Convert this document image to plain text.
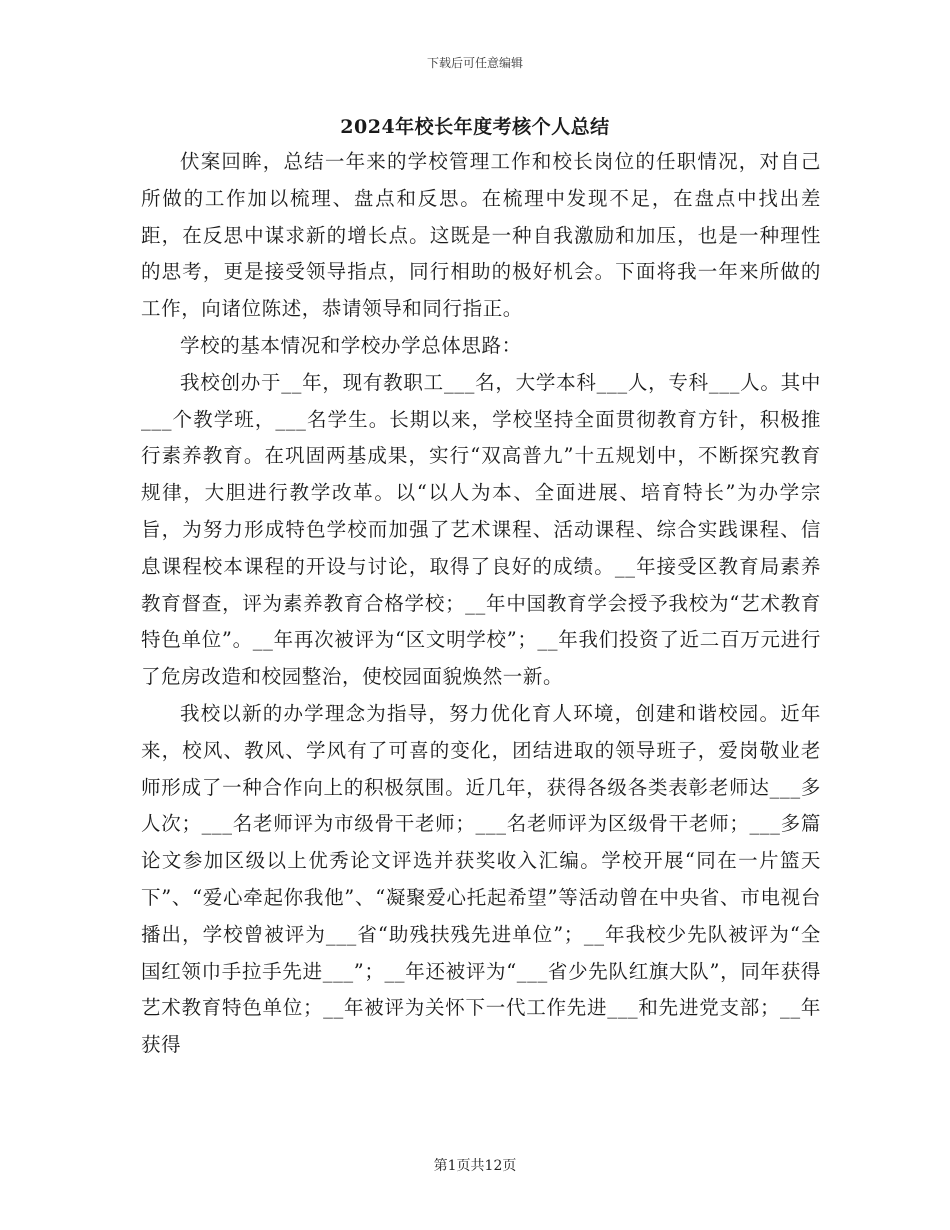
下载后可任意编辑
2024年校长年度考核个人总结

伏案回眸，总结一年来的学校管理工作和校长岗位的任职情况，对自己所做的工作加以梳理、盘点和反思。在梳理中发现不足，在盘点中找出差距，在反思中谋求新的增长点。这既是一种自我激励和加压，也是一种理性的思考，更是接受领导指点，同行相助的极好机会。下面将我一年来所做的工作，向诸位陈述，恭请领导和同行指正。

学校的基本情况和学校办学总体思路：

我校创办于__年，现有教职工___名，大学本科___人，专科___人。其中___个教学班，___名学生。长期以来，学校坚持全面贯彻教育方针，积极推行素养教育。在巩固两基成果，实行“双高普九”十五规划中，不断探究教育规律，大胆进行教学改革。以“以人为本、全面进展、培育特长”为办学宗旨，为努力形成特色学校而加强了艺术课程、活动课程、综合实践课程、信息课程校本课程的开设与讨论，取得了良好的成绩。__年接受区教育局素养教育督查，评为素养教育合格学校；__年中国教育学会授予我校为“艺术教育特色单位”。__年再次被评为“区文明学校”；__年我们投资了近二百万元进行了危房改造和校园整治，使校园面貌焕然一新。

我校以新的办学理念为指导，努力优化育人环境，创建和谐校园。近年来，校风、教风、学风有了可喜的变化，团结进取的领导班子，爱岗敬业老师形成了一种合作向上的积极氛围。近几年，获得各级各类表彰老师达___多人次；___名老师评为市级骨干老师；___名老师评为区级骨干老师；___多篇论文参加区级以上优秀论文评选并获奖收入汇编。学校开展“同在一片篮天下”、“爱心牵起你我他”、“凝聚爱心托起希望”等活动曾在中央省、市电视台播出，学校曾被评为___省“助残扶残先进单位”；__年我校少先队被评为“全国红领巾手拉手先进___”；__年还被评为“___省少先队红旗大队”，同年获得艺术教育特色单位；__年被评为关怀下一代工作先进___和先进党支部；__年获得

第1页共12页
